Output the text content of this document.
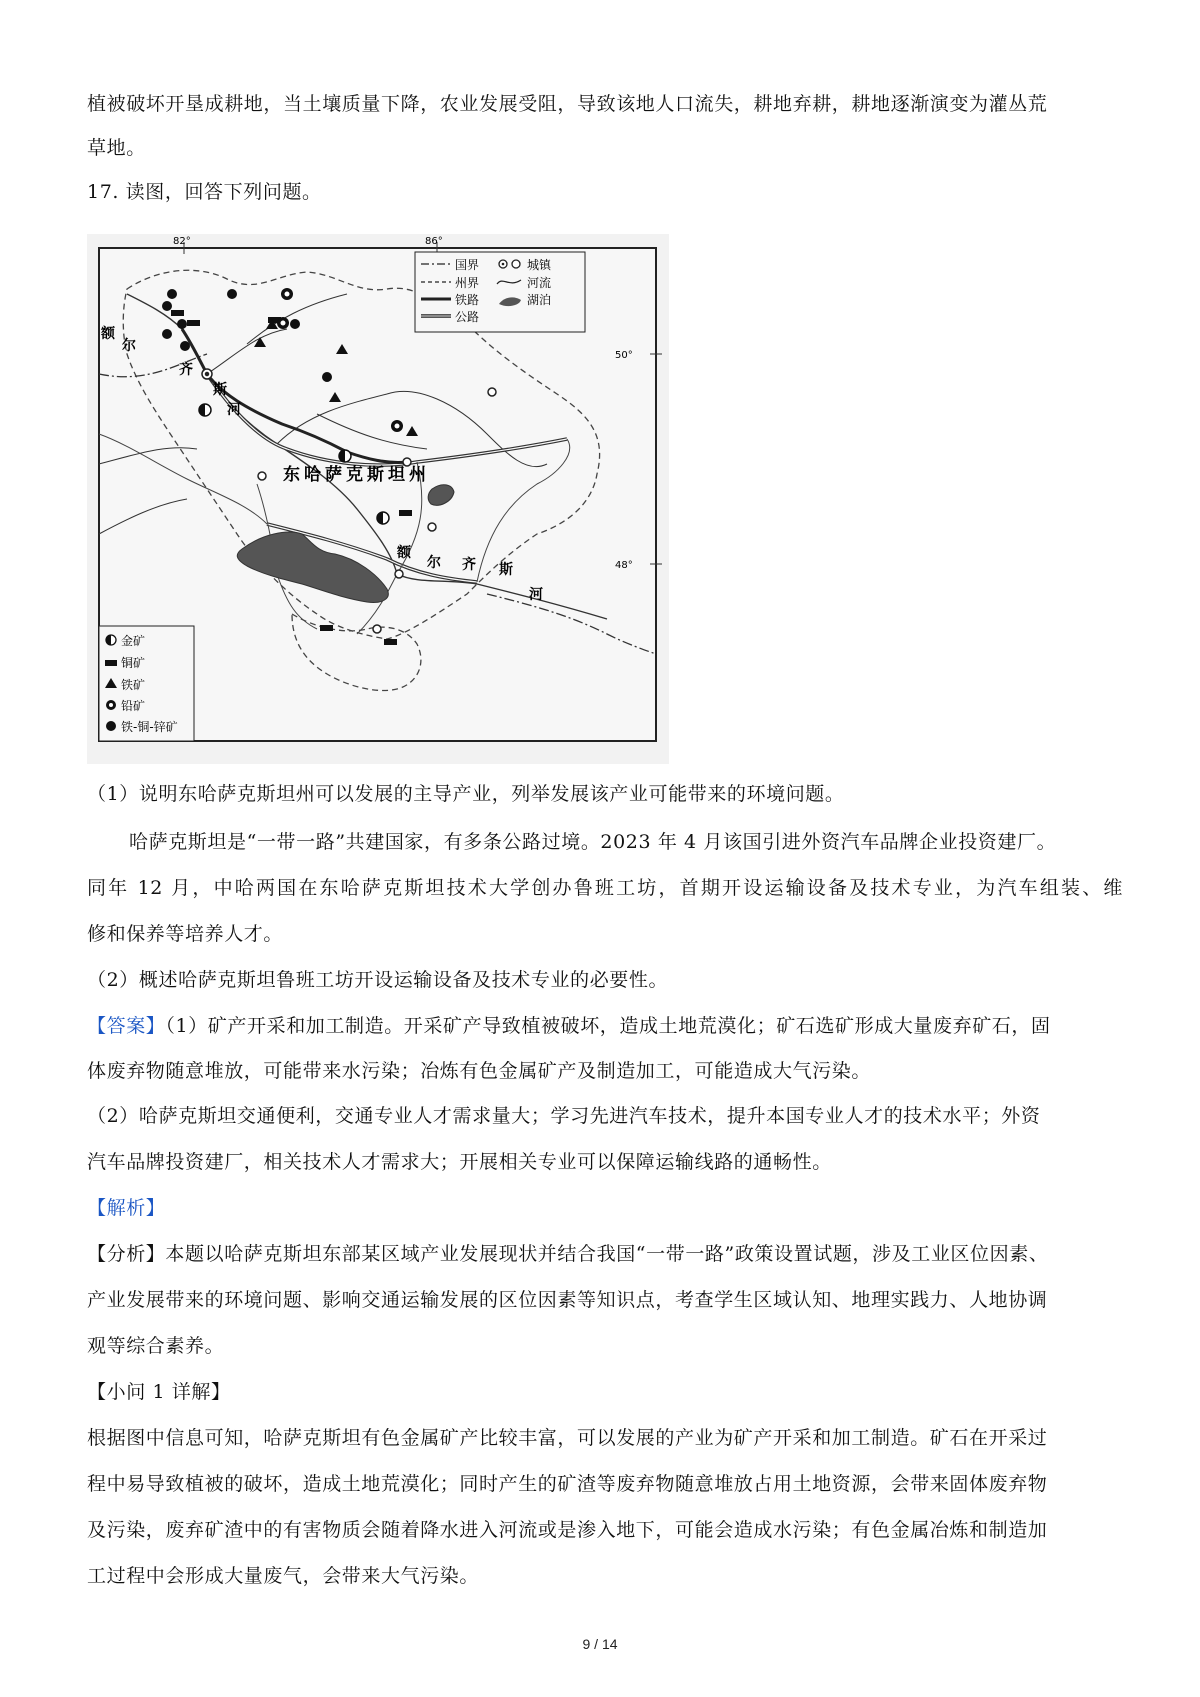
植被破坏开垦成耕地，当土壤质量下降，农业发展受阻，导致该地人口流失，耕地弃耕，耕地逐渐演变为灌丛荒
草地。
17. 读图，回答下列问题。
82°	86°
50°
48°
东哈萨克斯坦州
额
尔
齐
斯
河
额
尔 齐 斯
河
国界
州界
铁路
公路
城镇
河流
湖泊
金矿
铜矿
铁矿
铅矿
铁-铜-锌矿
（1）说明东哈萨克斯坦州可以发展的主导产业，列举发展该产业可能带来的环境问题。
哈萨克斯坦是“一带一路”共建国家，有多条公路过境。2023 年 4 月该国引进外资汽车品牌企业投资建厂。
同年 12 月，中哈两国在东哈萨克斯坦技术大学创办鲁班工坊，首期开设运输设备及技术专业，为汽车组装、维
修和保养等培养人才。
（2）概述哈萨克斯坦鲁班工坊开设运输设备及技术专业的必要性。
【答案】（1）矿产开采和加工制造。开采矿产导致植被破坏，造成土地荒漠化；矿石选矿形成大量废弃矿石，固
体废弃物随意堆放，可能带来水污染；冶炼有色金属矿产及制造加工，可能造成大气污染。
（2）哈萨克斯坦交通便利，交通专业人才需求量大；学习先进汽车技术，提升本国专业人才的技术水平；外资
汽车品牌投资建厂，相关技术人才需求大；开展相关专业可以保障运输线路的通畅性。
【解析】
【分析】本题以哈萨克斯坦东部某区域产业发展现状并结合我国“一带一路”政策设置试题，涉及工业区位因素、
产业发展带来的环境问题、影响交通运输发展的区位因素等知识点，考查学生区域认知、地理实践力、人地协调
观等综合素养。
【小问 1 详解】
根据图中信息可知，哈萨克斯坦有色金属矿产比较丰富，可以发展的产业为矿产开采和加工制造。矿石在开采过
程中易导致植被的破坏，造成土地荒漠化；同时产生的矿渣等废弃物随意堆放占用土地资源，会带来固体废弃物
及污染，废弃矿渣中的有害物质会随着降水进入河流或是渗入地下，可能会造成水污染；有色金属冶炼和制造加
工过程中会形成大量废气，会带来大气污染。
9 / 14
